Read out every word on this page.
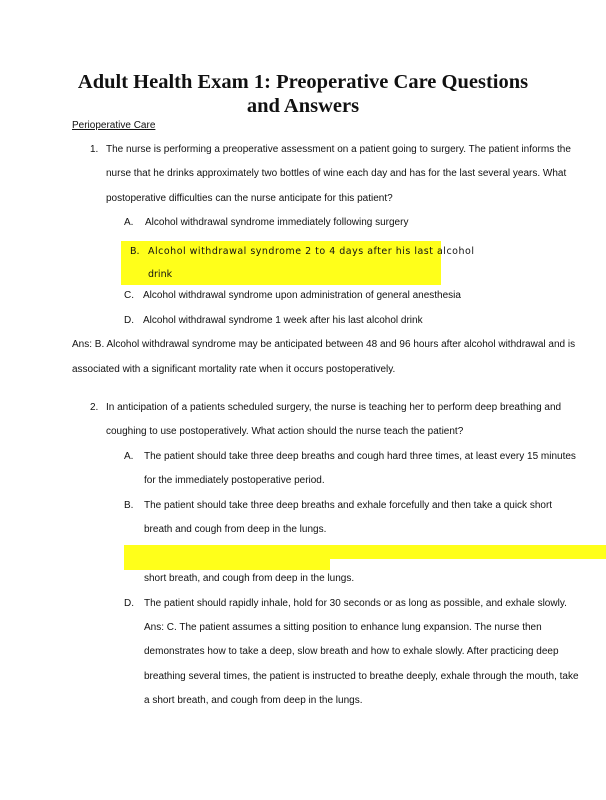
Adult Health Exam 1: Preoperative Care Questions
and Answers
Perioperative Care
1. The nurse is performing a preoperative assessment on a patient going to surgery. The patient informs the
nurse that he drinks approximately two bottles of wine each day and has for the last several years. What
postoperative difficulties can the nurse anticipate for this patient?
A. Alcohol withdrawal syndrome immediately following surgery
B. Alcohol withdrawal syndrome 2 to 4 days after his last alcohol
drink
C. Alcohol withdrawal syndrome upon administration of general anesthesia
D. Alcohol withdrawal syndrome 1 week after his last alcohol drink
Ans: B. Alcohol withdrawal syndrome may be anticipated between 48 and 96 hours after alcohol withdrawal and is
associated with a significant mortality rate when it occurs postoperatively.
2. In anticipation of a patients scheduled surgery, the nurse is teaching her to perform deep breathing and
coughing to use postoperatively. What action should the nurse teach the patient?
A. The patient should take three deep breaths and cough hard three times, at least every 15 minutes
for the immediately postoperative period.
B. The patient should take three deep breaths and exhale forcefully and then take a quick short
breath and cough from deep in the lungs.
short breath, and cough from deep in the lungs.
D. The patient should rapidly inhale, hold for 30 seconds or as long as possible, and exhale slowly.
Ans: C. The patient assumes a sitting position to enhance lung expansion. The nurse then
demonstrates how to take a deep, slow breath and how to exhale slowly. After practicing deep
breathing several times, the patient is instructed to breathe deeply, exhale through the mouth, take
a short breath, and cough from deep in the lungs.
